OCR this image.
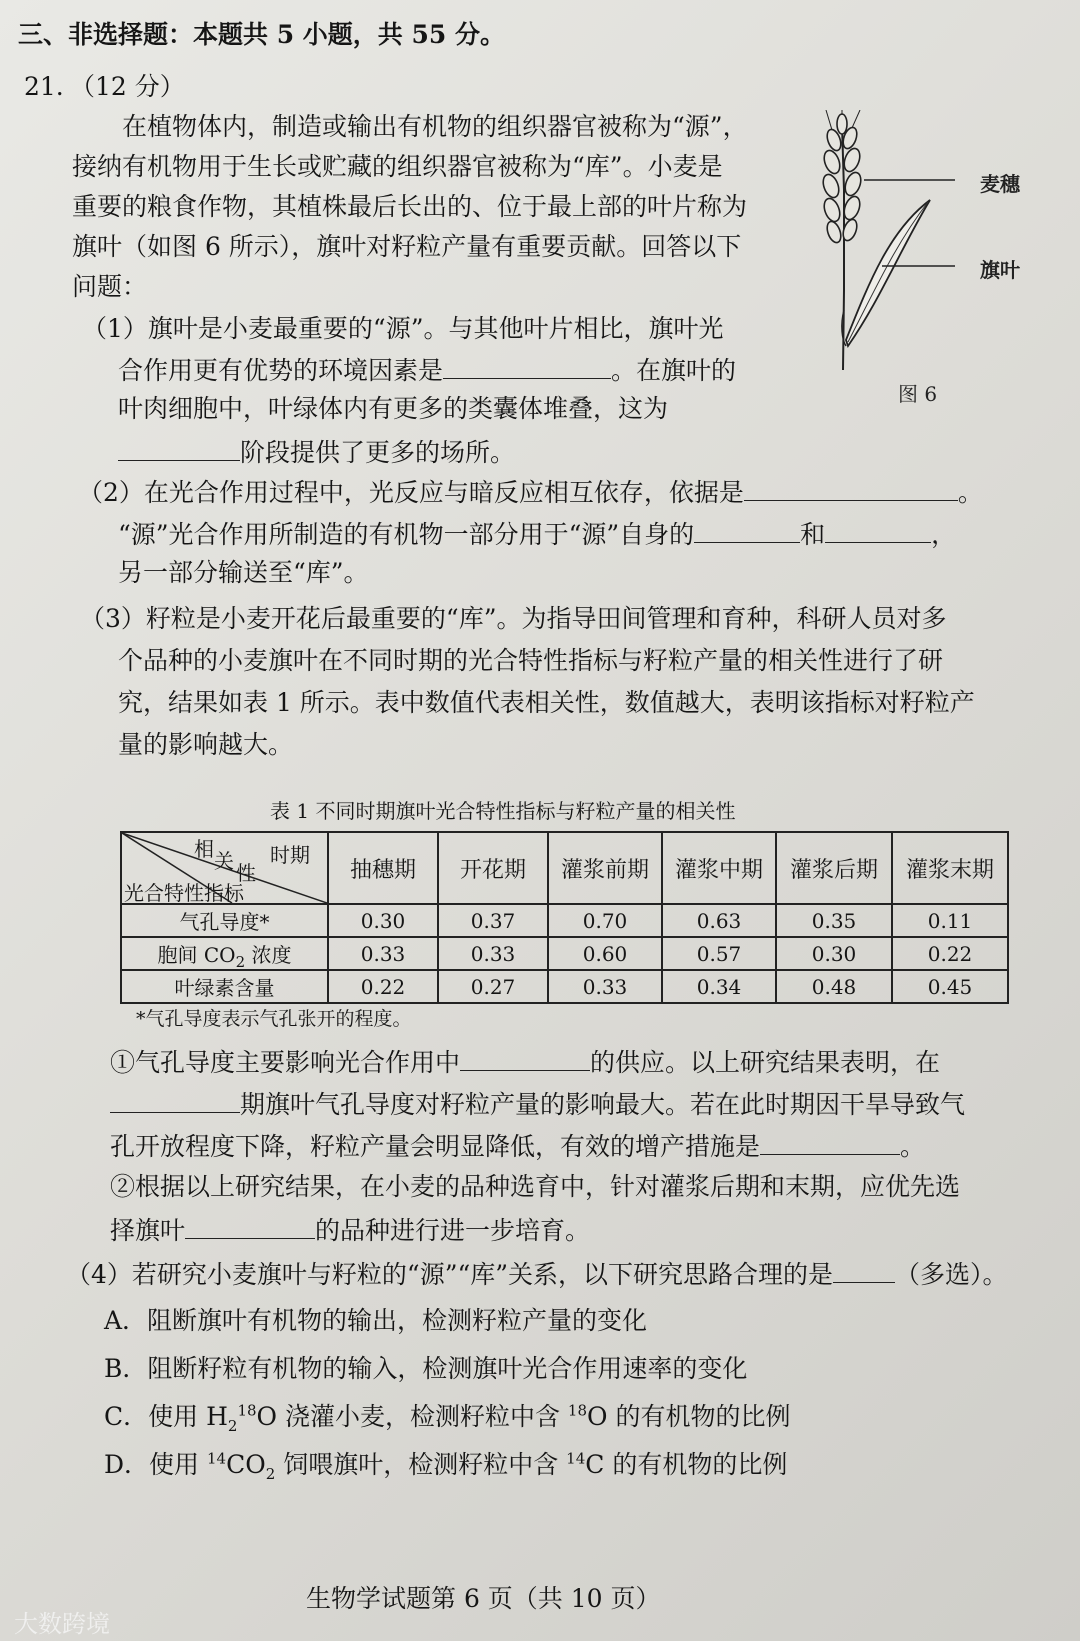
三、非选择题：本题共 5 小题，共 55 分。
21. （12 分）
在植物体内，制造或输出有机物的组织器官被称为“源”，
接纳有机物用于生长或贮藏的组织器官被称为“库”。小麦是
重要的粮食作物，其植株最后长出的、位于最上部的叶片称为
旗叶（如图 6 所示），旗叶对籽粒产量有重要贡献。回答以下
问题：
麦穗
旗叶
图 6
（1）旗叶是小麦最重要的“源”。与其他叶片相比，旗叶光
合作用更有优势的环境因素是	。在旗叶的
叶肉细胞中，叶绿体内有更多的类囊体堆叠，这为
阶段提供了更多的场所。
（2）在光合作用过程中，光反应与暗反应相互依存，依据是	。
“源”光合作用所制造的有机物一部分用于“源”自身的	和	，
另一部分输送至“库”。
（3）籽粒是小麦开花后最重要的“库”。为指导田间管理和育种，科研人员对多
个品种的小麦旗叶在不同时期的光合特性指标与籽粒产量的相关性进行了研
究，结果如表 1 所示。表中数值代表相关性，数值越大，表明该指标对籽粒产
量的影响越大。
表 1 不同时期旗叶光合特性指标与籽粒产量的相关性
时期
相 关 性
光合特性指标	抽穗期	开花期	灌浆前期	灌浆中期	灌浆后期	灌浆末期
气孔导度*	0.30	0.37	0.70	0.63	0.35	0.11
胞间 $CO_2$ 浓度	0.33	0.33	0.60	0.57	0.30	0.22
叶绿素含量	0.22	0.27	0.33	0.34	0.48	0.45
*气孔导度表示气孔张开的程度。
①气孔导度主要影响光合作用中	的供应。以上研究结果表明，在
期旗叶气孔导度对籽粒产量的影响最大。若在此时期因干旱导致气
孔开放程度下降，籽粒产量会明显降低，有效的增产措施是	。
②根据以上研究结果，在小麦的品种选育中，针对灌浆后期和末期，应优先选
择旗叶	的品种进行进一步培育。
（4）若研究小麦旗叶与籽粒的“源”“库”关系，以下研究思路合理的是 （多选）。
A．阻断旗叶有机物的输出，检测籽粒产量的变化
B．阻断籽粒有机物的输入，检测旗叶光合作用速率的变化
C．使用 $H_2^{18}O$ 浇灌小麦，检测籽粒中含 $^{18}$O 的有机物的比例
D．使用 $^{14}CO_2$ 饲喂旗叶，检测籽粒中含 $^{14}$C 的有机物的比例
生物学试题第 6 页（共 10 页）
大数跨境
